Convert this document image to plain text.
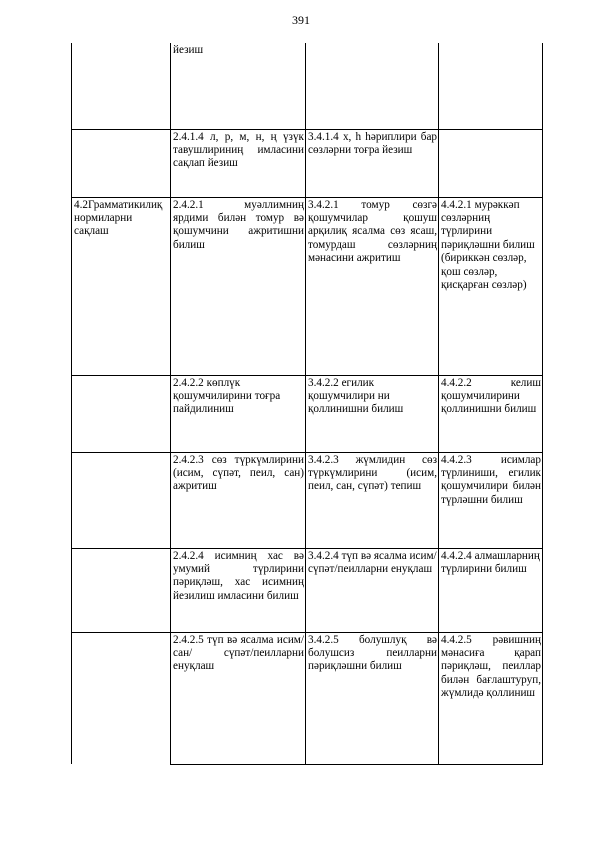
391
	йезиш		
	2.4.1.4 л, р, м, н, ң үзүк тавушлириниң имласини сақлап йезиш	3.4.1.4 х, һ һәриплири бар сөзләрни тоғра йезиш	
4.2Грамматикилиқ нормиларни сақлаш	2.4.2.1 муәллимниң ярдими билән томур вә қошумчини ажритишни билиш	3.4.2.1 томур сөзгә қошумчилар қошуш арқилиқ ясалма сөз ясаш, томурдаш сөзләрниң мәнасини ажритиш	4.4.2.1 мурәккәп сөзләрниң түрлирини пәриқләшни билиш (бириккән сөзләр, қош сөзләр, қисқарған сөзләр)
	2.4.2.2 көплүк қошумчилирини тоғра пайдилиниш	3.4.2.2 егилик қошумчилири ни қоллинишни билиш	4.4.2.2 келиш қошумчилирини қоллинишни билиш
	2.4.2.3 сөз түркүмлирини (исим, сүпәт, пеил, сан) ажритиш	3.4.2.3 жүмлидин сөз түркүмлирини (исим, пеил, сан, сүпәт) тепиш	4.4.2.3 исимлар түрлиниши, егилик қошумчилири билән түрләшни билиш
	2.4.2.4 исимниң хас вә умумий түрлирини пәриқләш, хас исимниң йезилиш имласини билиш	3.4.2.4 түп вә ясалма исим/сүпәт/пеилларни енуқлаш	4.4.2.4 алмашларниң түрлирини билиш
	2.4.2.5 түп вә ясалма исим/ сан/ сүпәт/пеилларни енуқлаш	3.4.2.5 болушлуқ вә болушсиз пеилларни пәриқләшни билиш	4.4.2.5 рәвишниң мәнасиға қарап пәриқләш, пеиллар билән бағлаштуруп, жүмлидә қоллиниш
